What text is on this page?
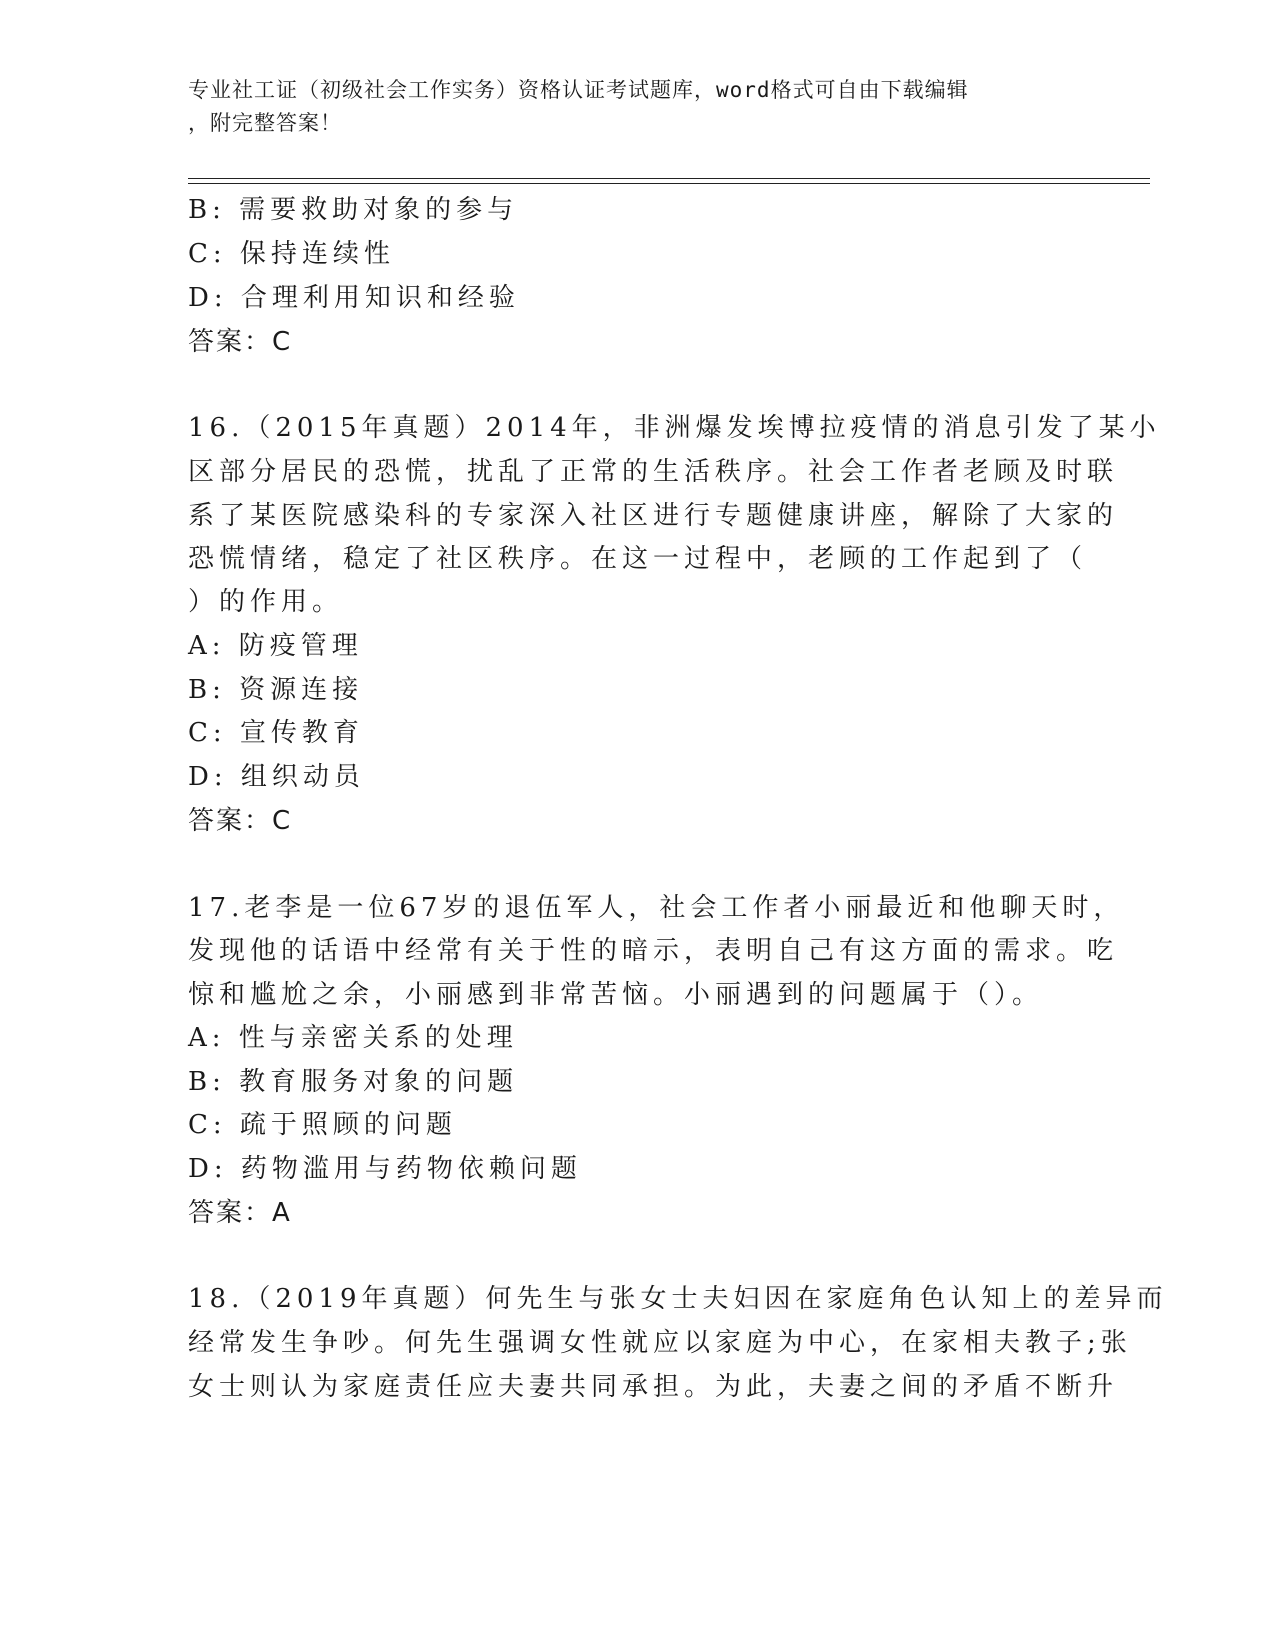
专业社工证（初级社会工作实务）资格认证考试题库，word格式可自由下载编辑
，附完整答案！
B: 需要救助对象的参与
C: 保持连续性
D: 合理利用知识和经验
答案：C
16.（2015年真题）2014年，非洲爆发埃博拉疫情的消息引发了某小
区部分居民的恐慌，扰乱了正常的生活秩序。社会工作者老顾及时联
系了某医院感染科的专家深入社区进行专题健康讲座，解除了大家的
恐慌情绪，稳定了社区秩序。在这一过程中，老顾的工作起到了（
）的作用。
A: 防疫管理
B: 资源连接
C: 宣传教育
D: 组织动员
答案：C
17.老李是一位67岁的退伍军人，社会工作者小丽最近和他聊天时，
发现他的话语中经常有关于性的暗示，表明自己有这方面的需求。吃
惊和尴尬之余，小丽感到非常苦恼。小丽遇到的问题属于（）。
A: 性与亲密关系的处理
B: 教育服务对象的问题
C: 疏于照顾的问题
D: 药物滥用与药物依赖问题
答案：A
18.（2019年真题）何先生与张女士夫妇因在家庭角色认知上的差异而
经常发生争吵。何先生强调女性就应以家庭为中心，在家相夫教子;张
女士则认为家庭责任应夫妻共同承担。为此，夫妻之间的矛盾不断升
